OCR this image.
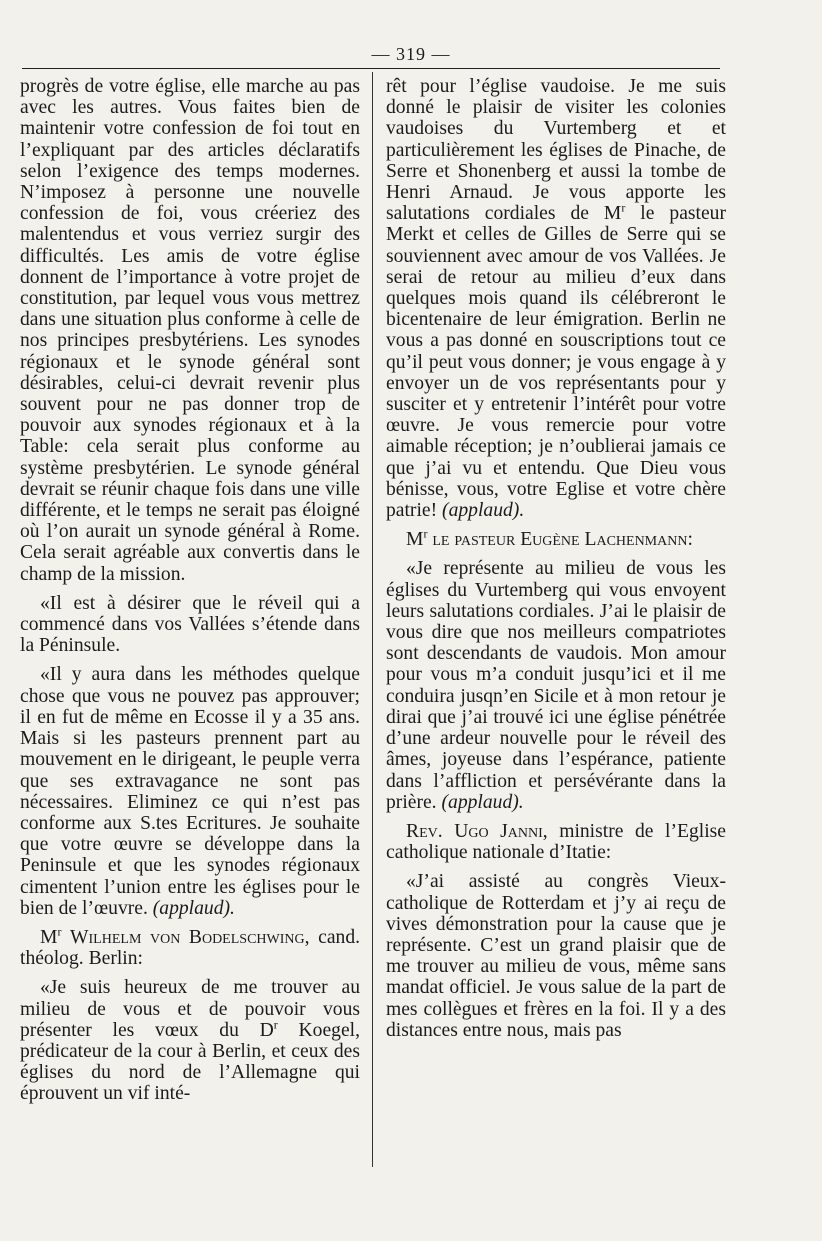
— 319 —

progrès de votre église, elle marche au pas avec les autres. Vous faites bien de maintenir votre confession de foi tout en l’expliquant par des articles déclaratifs selon l’exigence des temps modernes. N’imposez à personne une nouvelle confession de foi, vous créeriez des malentendus et vous verriez surgir des difficultés. Les amis de votre église donnent de l’importance à votre projet de constitution, par lequel vous vous mettrez dans une situation plus conforme à celle de nos principes presbytériens. Les synodes régionaux et le synode général sont désirables, celui-ci devrait revenir plus souvent pour ne pas donner trop de pouvoir aux synodes régionaux et à la Table: cela serait plus conforme au système presbytérien. Le synode général devrait se réunir chaque fois dans une ville différente, et le temps ne serait pas éloigné où l’on aurait un synode général à Rome. Cela serait agréable aux convertis dans le champ de la mission.

«Il est à désirer que le réveil qui a commencé dans vos Vallées s’étende dans la Péninsule.

«Il y aura dans les méthodes quelque chose que vous ne pouvez pas approuver; il en fut de même en Ecosse il y a 35 ans. Mais si les pasteurs prennent part au mouvement en le dirigeant, le peuple verra que ses extravagance ne sont pas nécessaires. Eliminez ce qui n’est pas conforme aux S.tes Ecritures. Je souhaite que votre œuvre se développe dans la Peninsule et que les synodes régionaux cimentent l’union entre les églises pour le bien de l’œuvre. (applaud).

$M^r$ Wilhelm von Bodelschwing, cand. théolog. Berlin:

«Je suis heureux de me trouver au milieu de vous et de pouvoir vous présenter les vœux du $D^r$ Koegel, prédicateur de la cour à Berlin, et ceux des églises du nord de l’Allemagne qui éprouvent un vif inté-

rêt pour l’église vaudoise. Je me suis donné le plaisir de visiter les colonies vaudoises du Vurtemberg et et particulièrement les églises de Pinache, de Serre et Shonenberg et aussi la tombe de Henri Arnaud. Je vous apporte les salutations cordiales de $M^r$ le pasteur Merkt et celles de Gilles de Serre qui se souviennent avec amour de vos Vallées. Je serai de retour au milieu d’eux dans quelques mois quand ils célébreront le bicentenaire de leur émigration. Berlin ne vous a pas donné en souscriptions tout ce qu’il peut vous donner; je vous engage à y envoyer un de vos représentants pour y susciter et y entretenir l’intérêt pour votre œuvre. Je vous remercie pour votre aimable réception; je n’oublierai jamais ce que j’ai vu et entendu. Que Dieu vous bénisse, vous, votre Eglise et votre chère patrie! (applaud).

$M^r$ le pasteur Eugène Lachenmann:

«Je représente au milieu de vous les églises du Vurtemberg qui vous envoyent leurs salutations cordiales. J’ai le plaisir de vous dire que nos meilleurs compatriotes sont descendants de vaudois. Mon amour pour vous m’a conduit jusqu’ici et il me conduira jusqn’en Sicile et à mon retour je dirai que j’ai trouvé ici une église pénétrée d’une ardeur nouvelle pour le réveil des âmes, joyeuse dans l’espérance, patiente dans l’affliction et persévérante dans la prière. (applaud).

Rev. Ugo Janni, ministre de l’Eglise catholique nationale d’Itatie:

«J’ai assisté au congrès Vieux-catholique de Rotterdam et j’y ai reçu de vives démonstration pour la cause que je représente. C’est un grand plaisir que de me trouver au milieu de vous, même sans mandat officiel. Je vous salue de la part de mes collègues et frères en la foi. Il y a des distances entre nous, mais pas
